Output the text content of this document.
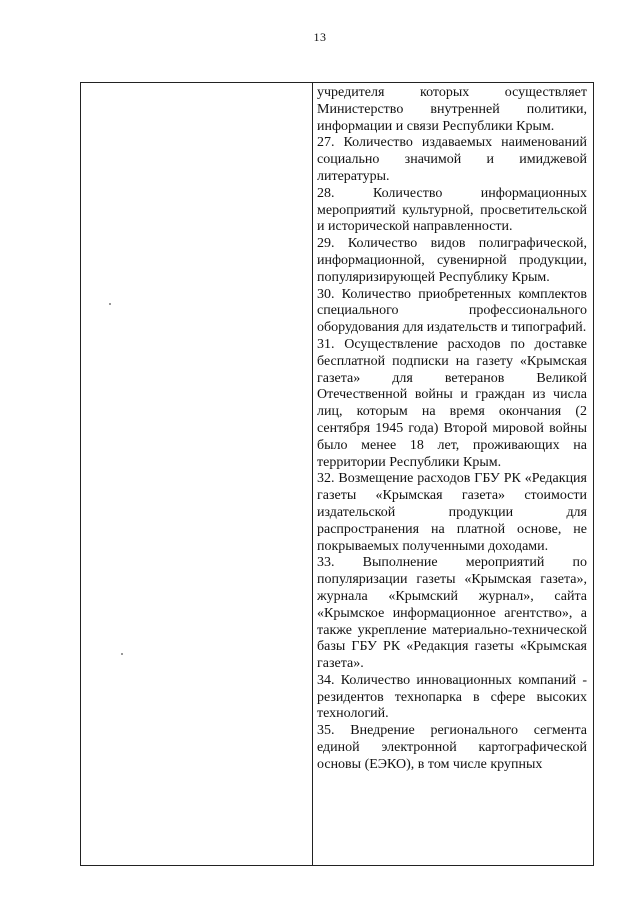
13

учредителя которых осуществляет Министерство внутренней политики, информации и связи Республики Крым.

27. Количество издаваемых наименований социально значимой и имиджевой литературы.

28. Количество информационных мероприятий культурной, просветительской и исторической направленности.

29. Количество видов полиграфической, информационной, сувенирной продукции, популяризирующей Республику Крым.

30. Количество приобретенных комплектов специального профессионального оборудования для издательств и типографий.

31. Осуществление расходов по доставке бесплатной подписки на газету «Крымская газета» для ветеранов Великой Отечественной войны и граждан из числа лиц, которым на время окончания (2 сентября 1945 года) Второй мировой войны было менее 18 лет, проживающих на территории Республики Крым.

32. Возмещение расходов ГБУ РК «Редакция газеты «Крымская газета» стоимости издательской продукции для распространения на платной основе, не покрываемых полученными доходами.

33. Выполнение мероприятий по популяризации газеты «Крымская газета», журнала «Крымский журнал», сайта «Крымское информационное агентство», а также укрепление материально-технической базы ГБУ РК «Редакция газеты «Крымская газета».

34. Количество инновационных компаний - резидентов технопарка в сфере высоких технологий.

35. Внедрение регионального сегмента единой электронной картографической основы (ЕЭКО), в том числе крупных
